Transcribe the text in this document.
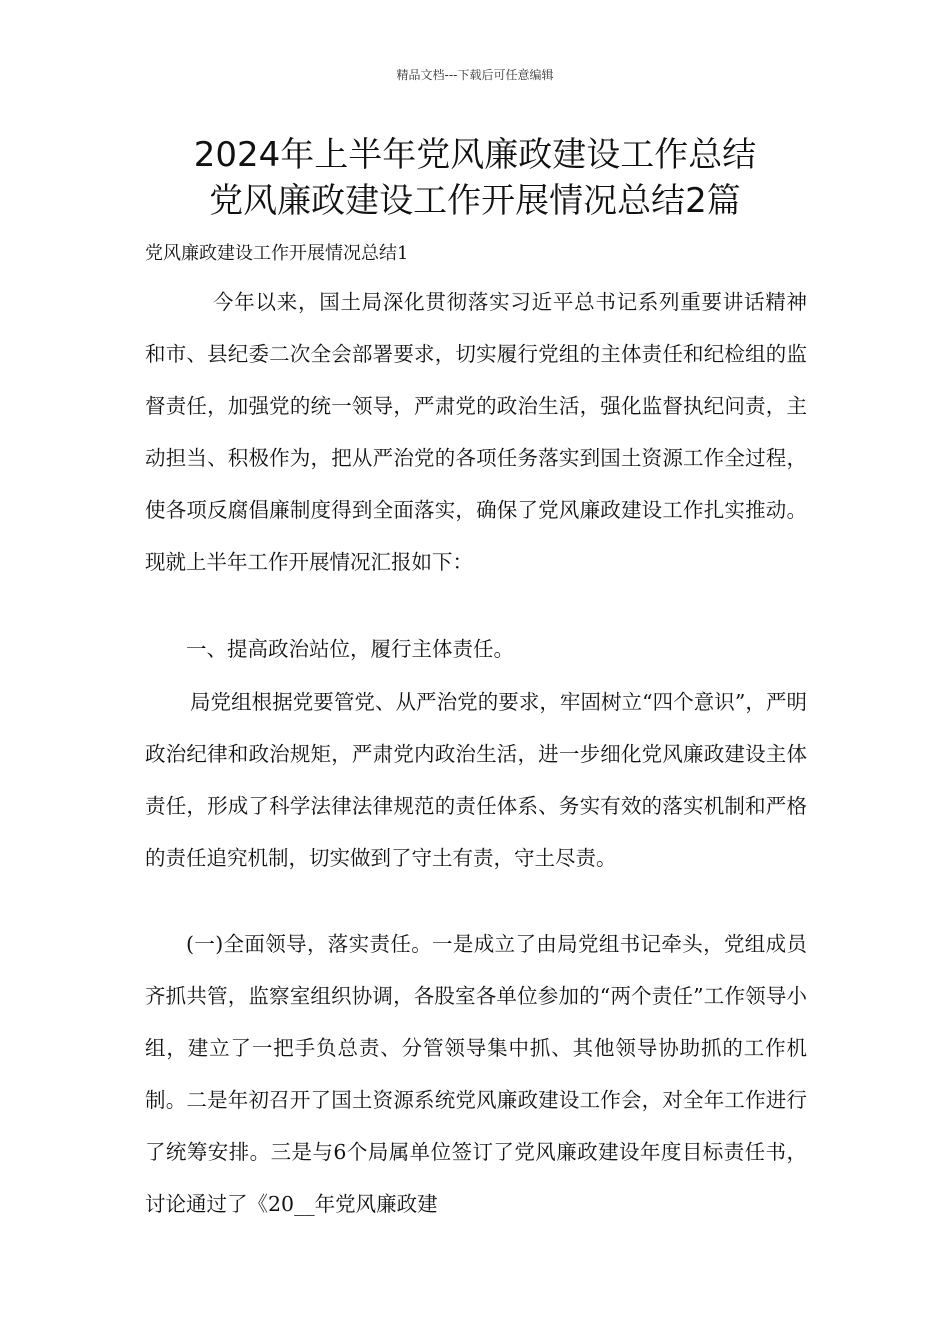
精品文档---下载后可任意编辑
2024年上半年党风廉政建设工作总结
党风廉政建设工作开展情况总结2篇
党风廉政建设工作开展情况总结1

今年以来，国土局深化贯彻落实习近平总书记系列重要讲话精神和市、县纪委二次全会部署要求，切实履行党组的主体责任和纪检组的监督责任，加强党的统一领导，严肃党的政治生活，强化监督执纪问责，主动担当、积极作为，把从严治党的各项任务落实到国土资源工作全过程，使各项反腐倡廉制度得到全面落实，确保了党风廉政建设工作扎实推动。现就上半年工作开展情况汇报如下：

一、提高政治站位，履行主体责任。

局党组根据党要管党、从严治党的要求，牢固树立“四个意识”，严明政治纪律和政治规矩，严肃党内政治生活，进一步细化党风廉政建设主体责任，形成了科学法律法律规范的责任体系、务实有效的落实机制和严格的责任追究机制，切实做到了守土有责，守土尽责。

(一)全面领导，落实责任。一是成立了由局党组书记牵头，党组成员齐抓共管，监察室组织协调，各股室各单位参加的“两个责任”工作领导小组，建立了一把手负总责、分管领导集中抓、其他领导协助抓的工作机制。二是年初召开了国土资源系统党风廉政建设工作会，对全年工作进行了统筹安排。三是与6个局属单位签订了党风廉政建设年度目标责任书，讨论通过了《20__年党风廉政建
